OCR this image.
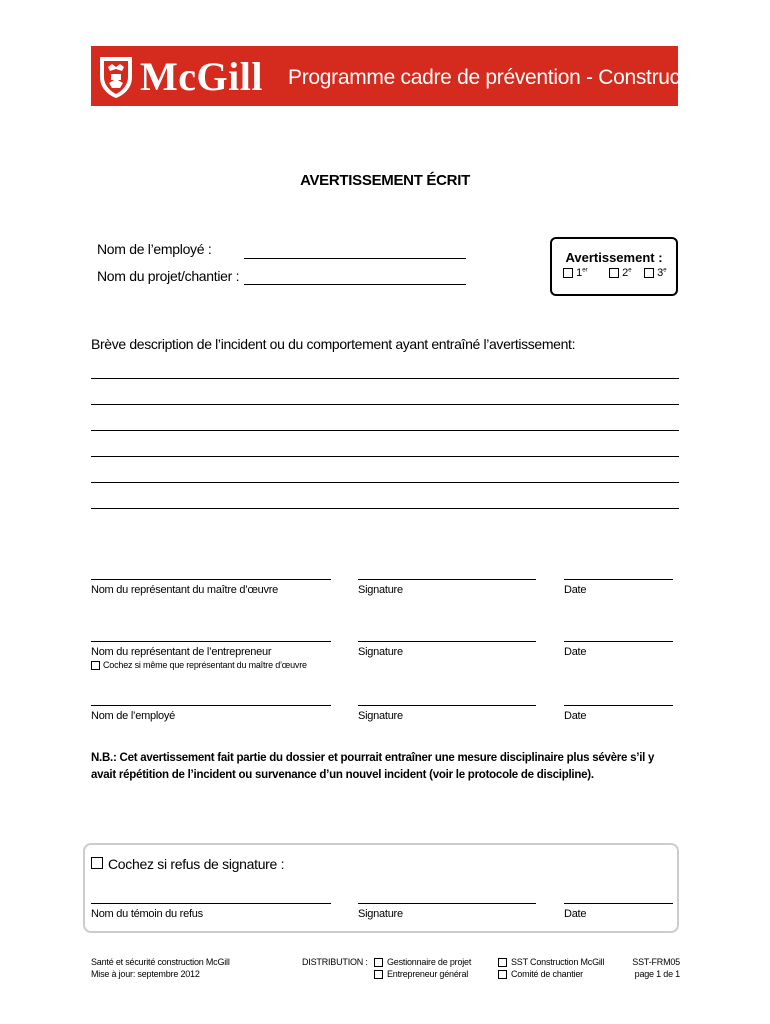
McGill Programme cadre de prévention - Construction
AVERTISSEMENT ÉCRIT
Nom de l’employé :
Nom du projet/chantier :
Avertissement :
1er	2e	3e
Brève description de l’incident ou du comportement ayant entraîné l’avertissement:
Nom du représentant du maître d’œuvre	Signature	Date
Nom du représentant de l’entrepreneur	Signature	Date
Cochez si même que représentant du maître d’œuvre
Nom de l’employé	Signature	Date
N.B.: Cet avertissement fait partie du dossier et pourrait entraîner une mesure disciplinaire plus sévère s’il y avait répétition de l’incident ou survenance d’un nouvel incident (voir le protocole de discipline).
Cochez si refus de signature :
Nom du témoin du refus	Signature	Date
Santé et sécurité construction McGill
Mise à jour: septembre 2012
DISTRIBUTION :	Gestionnaire de projet
Entrepreneur général
SST Construction McGill
Comité de chantier
SST-FRM05
page 1 de 1
